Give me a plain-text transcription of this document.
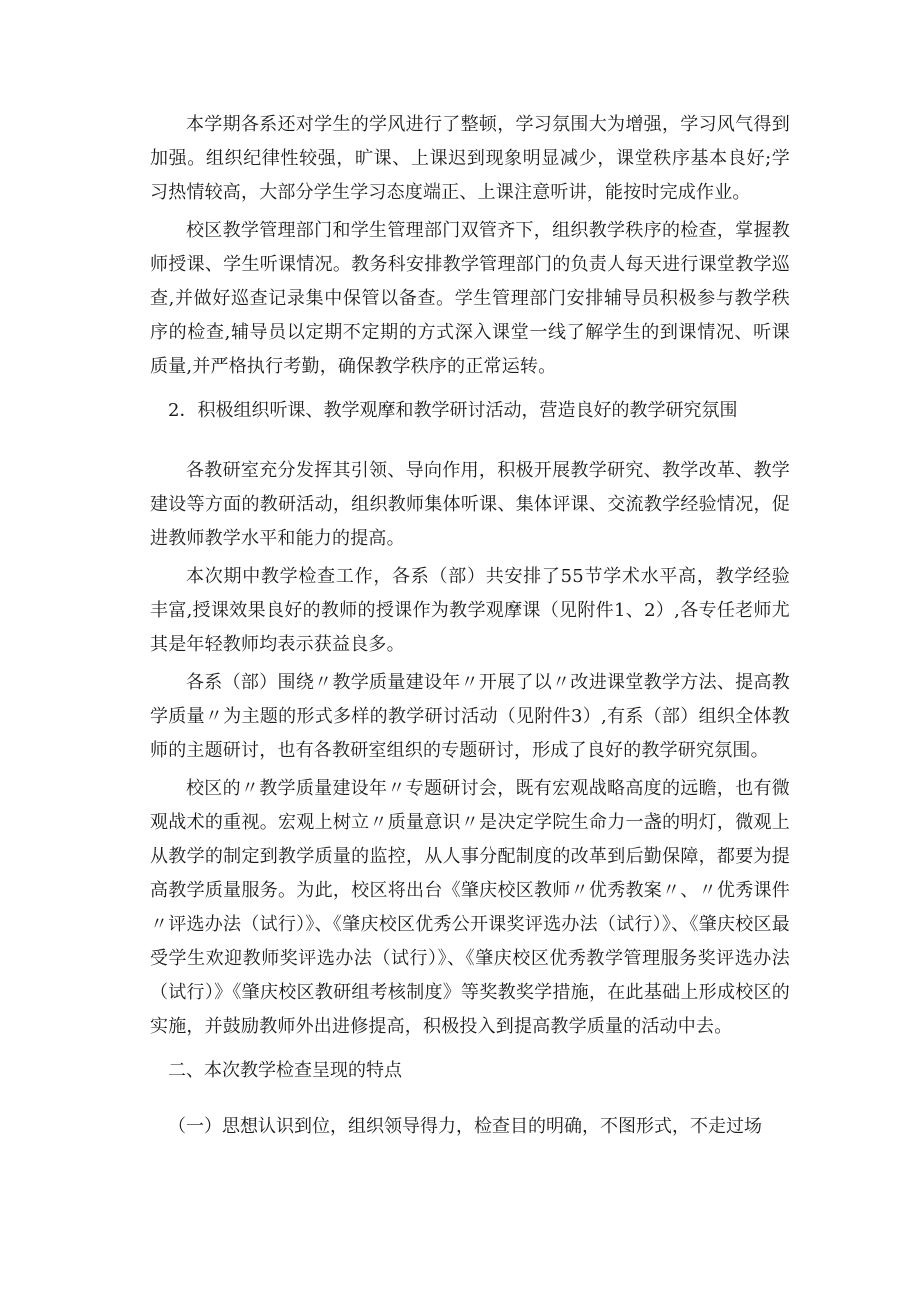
本学期各系还对学生的学风进行了整顿，学习氛围大为增强，学习风气得到加强。组织纪律性较强，旷课、上课迟到现象明显减少，课堂秩序基本良好;学习热情较高，大部分学生学习态度端正、上课注意听讲，能按时完成作业。

校区教学管理部门和学生管理部门双管齐下，组织教学秩序的检查，掌握教师授课、学生听课情况。教务科安排教学管理部门的负责人每天进行课堂教学巡查,并做好巡查记录集中保管以备查。学生管理部门安排辅导员积极参与教学秩序的检查,辅导员以定期不定期的方式深入课堂一线了解学生的到课情况、听课质量,并严格执行考勤，确保教学秩序的正常运转。

2．积极组织听课、教学观摩和教学研讨活动，营造良好的教学研究氛围

各教研室充分发挥其引领、导向作用，积极开展教学研究、教学改革、教学建设等方面的教研活动，组织教师集体听课、集体评课、交流教学经验情况，促进教师教学水平和能力的提高。

本次期中教学检查工作，各系（部）共安排了55节学术水平高，教学经验丰富,授课效果良好的教师的授课作为教学观摩课（见附件1、2）,各专任老师尤其是年轻教师均表示获益良多。

各系（部）围绕〃教学质量建设年〃开展了以〃改进课堂教学方法、提高教学质量〃为主题的形式多样的教学研讨活动（见附件3）,有系（部）组织全体教师的主题研讨，也有各教研室组织的专题研讨，形成了良好的教学研究氛围。

校区的〃教学质量建设年〃专题研讨会，既有宏观战略高度的远瞻，也有微观战术的重视。宏观上树立〃质量意识〃是决定学院生命力一盏的明灯，微观上从教学的制定到教学质量的监控，从人事分配制度的改革到后勤保障，都要为提高教学质量服务。为此，校区将出台《肇庆校区教师〃优秀教案〃、〃优秀课件〃评选办法（试行）》、《肇庆校区优秀公开课奖评选办法（试行）》、《肇庆校区最受学生欢迎教师奖评选办法（试行）》、《肇庆校区优秀教学管理服务奖评选办法（试行）》《肇庆校区教研组考核制度》等奖教奖学措施，在此基础上形成校区的实施，并鼓励教师外出进修提高，积极投入到提高教学质量的活动中去。

二、本次教学检查呈现的特点

（一）思想认识到位，组织领导得力，检查目的明确，不图形式，不走过场
